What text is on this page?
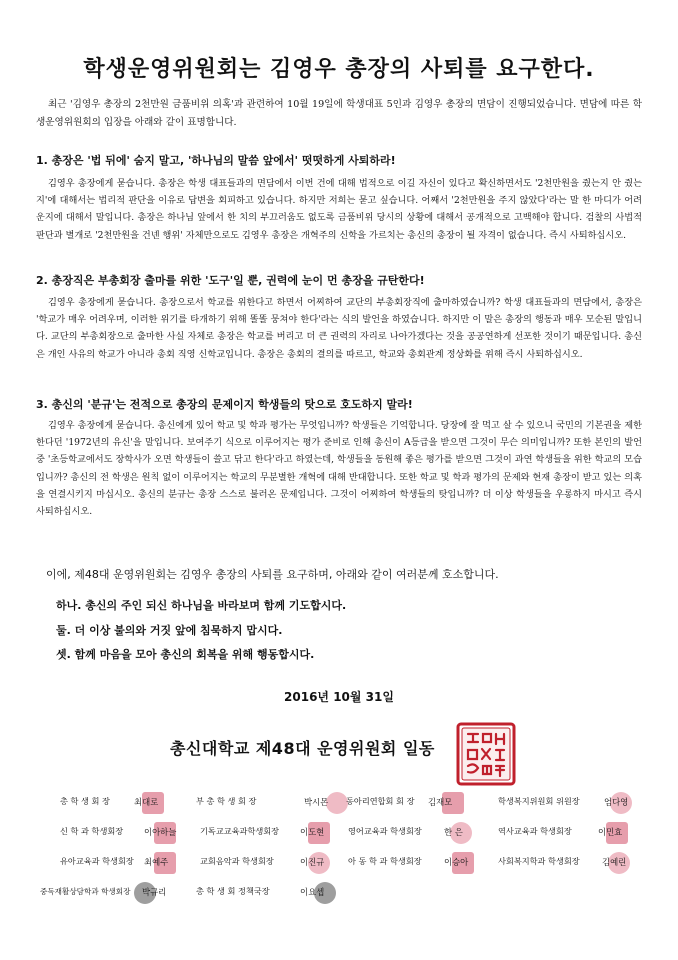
학생운영위원회는 김영우 총장의 사퇴를 요구한다.
최근 '김영우 총장의 2천만원 금품비위 의혹'과 관련하여 10월 19일에 학생대표 5인과 김영우 총장의 면담이 진행되었습니다. 면담에 따른 학생운영위원회의 입장을 아래와 같이 표명합니다.
1. 총장은 '법 뒤에' 숨지 말고, '하나님의 말씀 앞에서' 떳떳하게 사퇴하라!
김영우 총장에게 묻습니다. 총장은 학생 대표들과의 면담에서 이번 건에 대해 법적으로 이길 자신이 있다고 확신하면서도 '2천만원을 줬는지 안 줬는지'에 대해서는 법리적 판단을 이유로 답변을 회피하고 있습니다. 하지만 저희는 묻고 싶습니다. 어째서 '2천만원을 주지 않았다'라는 말 한 마디가 어려운지에 대해서 말입니다. 총장은 하나님 앞에서 한 치의 부끄러움도 없도록 금품비위 당시의 상황에 대해서 공개적으로 고백해야 합니다. 검찰의 사법적 판단과 별개로 '2천만원을 건넨 행위' 자체만으로도 김영우 총장은 개혁주의 신학을 가르치는 총신의 총장이 될 자격이 없습니다. 즉시 사퇴하십시오.
2. 총장직은 부총회장 출마를 위한 '도구'일 뿐, 권력에 눈이 먼 총장을 규탄한다!
김영우 총장에게 묻습니다. 총장으로서 학교를 위한다고 하면서 어찌하여 교단의 부총회장직에 출마하였습니까? 학생 대표들과의 면담에서, 총장은 '학교가 매우 어려우며, 이러한 위기를 타개하기 위해 똘똘 뭉쳐야 한다'라는 식의 발언을 하였습니다. 하지만 이 말은 총장의 행동과 매우 모순된 말입니다. 교단의 부총회장으로 출마한 사실 자체로 총장은 학교를 버리고 더 큰 권력의 자리로 나아가겠다는 것을 공공연하게 선포한 것이기 때문입니다. 총신은 개인 사유의 학교가 아니라 총회 직영 신학교입니다. 총장은 총회의 결의를 따르고, 학교와 총회관계 정상화를 위해 즉시 사퇴하십시오.
3. 총신의 '분규'는 전적으로 총장의 문제이지 학생들의 탓으로 호도하지 말라!
김영우 총장에게 묻습니다. 총신에게 있어 학교 및 학과 평가는 무엇입니까? 학생들은 기억합니다. 당장에 잘 먹고 살 수 있으니 국민의 기본권을 제한한다던 '1972년의 유신'을 말입니다. 보여주기 식으로 이루어지는 평가 준비로 인해 총신이 A등급을 받으면 그것이 무슨 의미입니까? 또한 본인의 발언 중 '초등학교에서도 장학사가 오면 학생들이 쓸고 닦고 한다'라고 하였는데, 학생들을 동원해 좋은 평가를 받으면 그것이 과연 학생들을 위한 학교의 모습입니까? 총신의 전 학생은 원칙 없이 이루어지는 학교의 무분별한 개혁에 대해 반대합니다. 또한 학교 및 학과 평가의 문제와 현재 총장이 받고 있는 의혹을 연결시키지 마십시오. 총신의 분규는 총장 스스로 불러온 문제입니다. 그것이 어찌하여 학생들의 탓입니까? 더 이상 학생들을 우롱하지 마시고 즉시 사퇴하십시오.
이에, 제48대 운영위원회는 김영우 총장의 사퇴를 요구하며, 아래와 같이 여러분께 호소합니다.
하나. 총신의 주인 되신 하나님을 바라보며 함께 기도합시다.
둘. 더 이상 불의와 거짓 앞에 침묵하지 맙시다.
셋. 함께 마음을 모아 총신의 회복을 위해 행동합시다.
2016년 10월 31일
총신대학교 제48대 운영위원회 일동
총 학 생 회 장	최대로	부 총 학 생 회 장	박시몬 동아리연합회 회 장 김재모	학생복지위원회 위원장	엄다영
신 학 과 학생회장 이아하늘	기독교교육과학생회장 이도현	영어교육과 학생회장	한 은	역사교육과 학생회장	이민효
유아교육과 학생회장 최예주	교회음악과 학생회장	이진규	아 동 학 과 학생회장	이승아	사회복지학과 학생회장	김예린
중독재활상담학과 학생회장 박규리	총 학 생 회 정책국장	이요셉
